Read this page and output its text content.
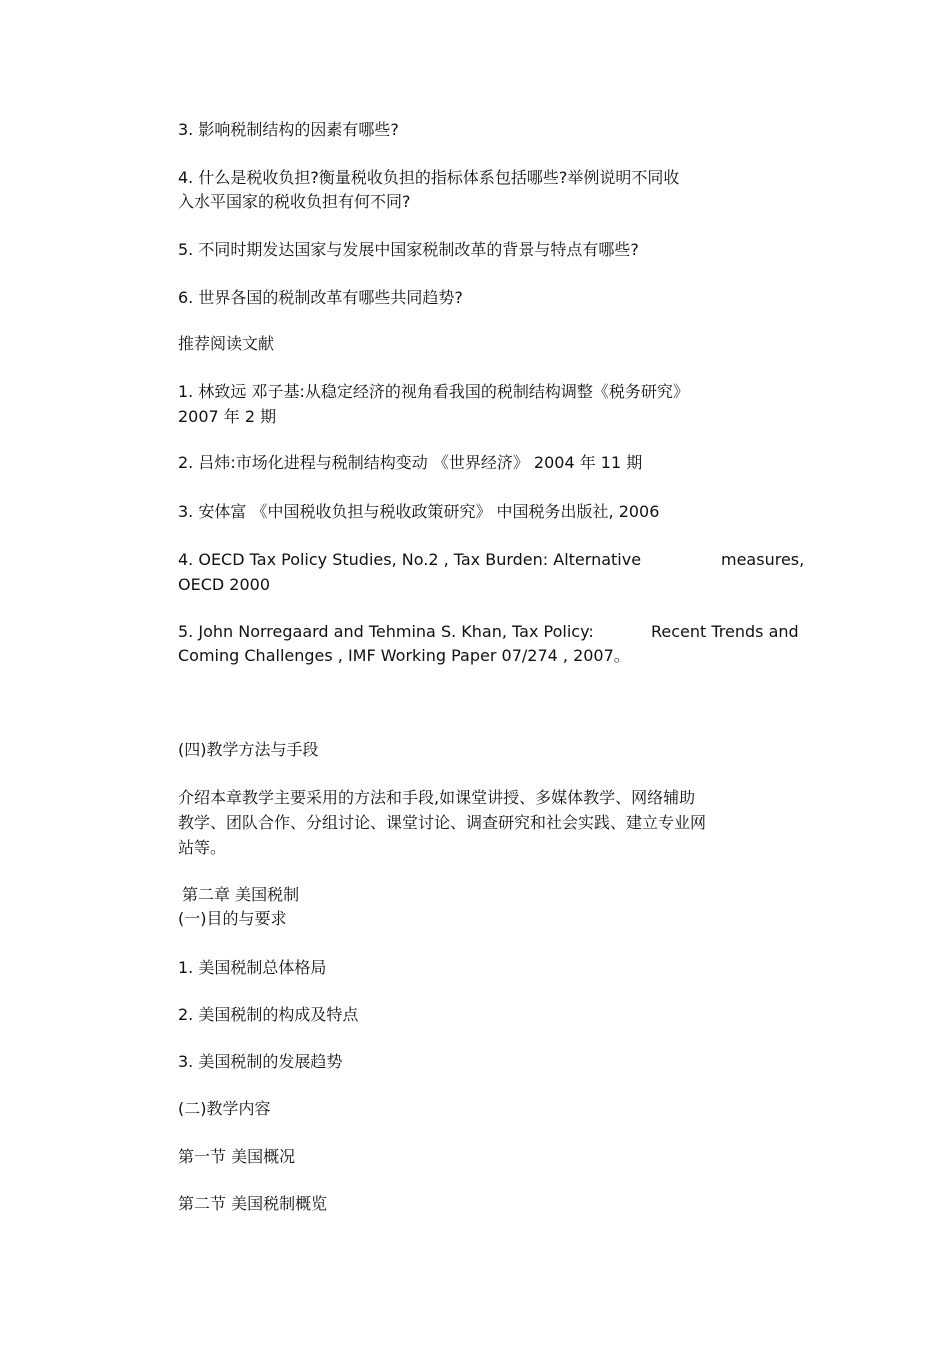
3. 影响税制结构的因素有哪些?
4. 什么是税收负担?衡量税收负担的指标体系包括哪些?举例说明不同收
入水平国家的税收负担有何不同?
5. 不同时期发达国家与发展中国家税制改革的背景与特点有哪些?
6. 世界各国的税制改革有哪些共同趋势?
推荐阅读文献
1. 林致远 邓子基:从稳定经济的视角看我国的税制结构调整《税务研究》
2007 年 2 期
2. 吕炜:市场化进程与税制结构变动 《世界经济》 2004 年 11 期
3. 安体富 《中国税收负担与税收政策研究》 中国税务出版社, 2006
4. OECD Tax Policy Studies, No.2 , Tax Burden: Alternative	measures,
OECD 2000
5. John Norregaard and Tehmina S. Khan, Tax Policy:	Recent Trends and
Coming Challenges , IMF Working Paper 07/274 , 2007。
(四)教学方法与手段
介绍本章教学主要采用的方法和手段,如课堂讲授、多媒体教学、网络辅助
教学、团队合作、分组讨论、课堂讨论、调查研究和社会实践、建立专业网
站等。
第二章 美国税制
(一)目的与要求
1. 美国税制总体格局
2. 美国税制的构成及特点
3. 美国税制的发展趋势
(二)教学内容
第一节 美国概况
第二节 美国税制概览
